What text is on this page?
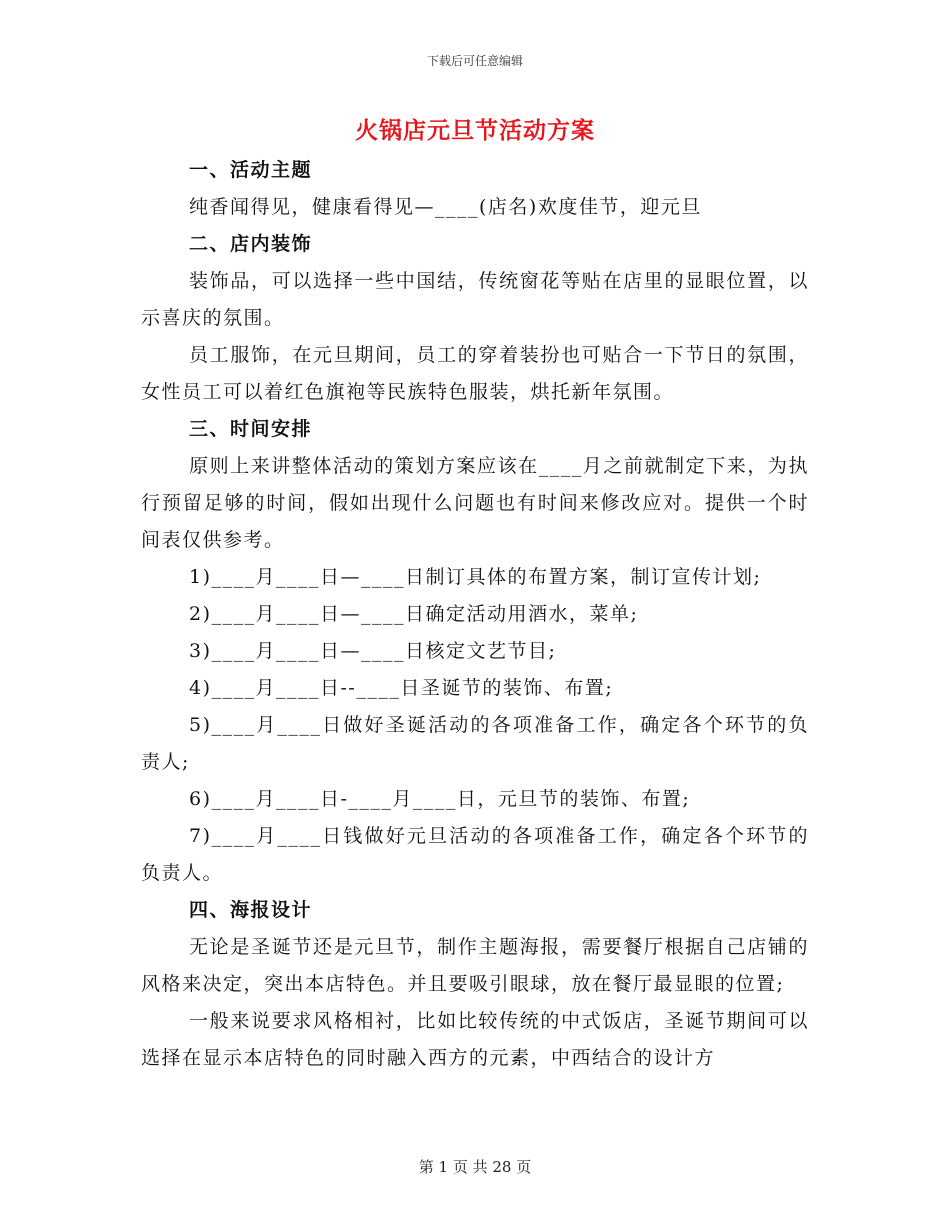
下载后可任意编辑
火锅店元旦节活动方案
一、活动主题

纯香闻得见，健康看得见—____(店名)欢度佳节，迎元旦

二、店内装饰

装饰品，可以选择一些中国结，传统窗花等贴在店里的显眼位置，以示喜庆的氛围。

员工服饰，在元旦期间，员工的穿着装扮也可贴合一下节日的氛围，女性员工可以着红色旗袍等民族特色服装，烘托新年氛围。

三、时间安排

原则上来讲整体活动的策划方案应该在____月之前就制定下来，为执行预留足够的时间，假如出现什么问题也有时间来修改应对。提供一个时间表仅供参考。

1)____月____日—____日制订具体的布置方案，制订宣传计划;

2)____月____日—____日确定活动用酒水，菜单;

3)____月____日—____日核定文艺节目;

4)____月____日--____日圣诞节的装饰、布置;

5)____月____日做好圣诞活动的各项准备工作，确定各个环节的负责人;

6)____月____日-____月____日，元旦节的装饰、布置;

7)____月____日钱做好元旦活动的各项准备工作，确定各个环节的负责人。

四、海报设计

无论是圣诞节还是元旦节，制作主题海报，需要餐厅根据自己店铺的风格来决定，突出本店特色。并且要吸引眼球，放在餐厅最显眼的位置;

一般来说要求风格相衬，比如比较传统的中式饭店，圣诞节期间可以选择在显示本店特色的同时融入西方的元素，中西结合的设计方

第 1 页 共 28 页
